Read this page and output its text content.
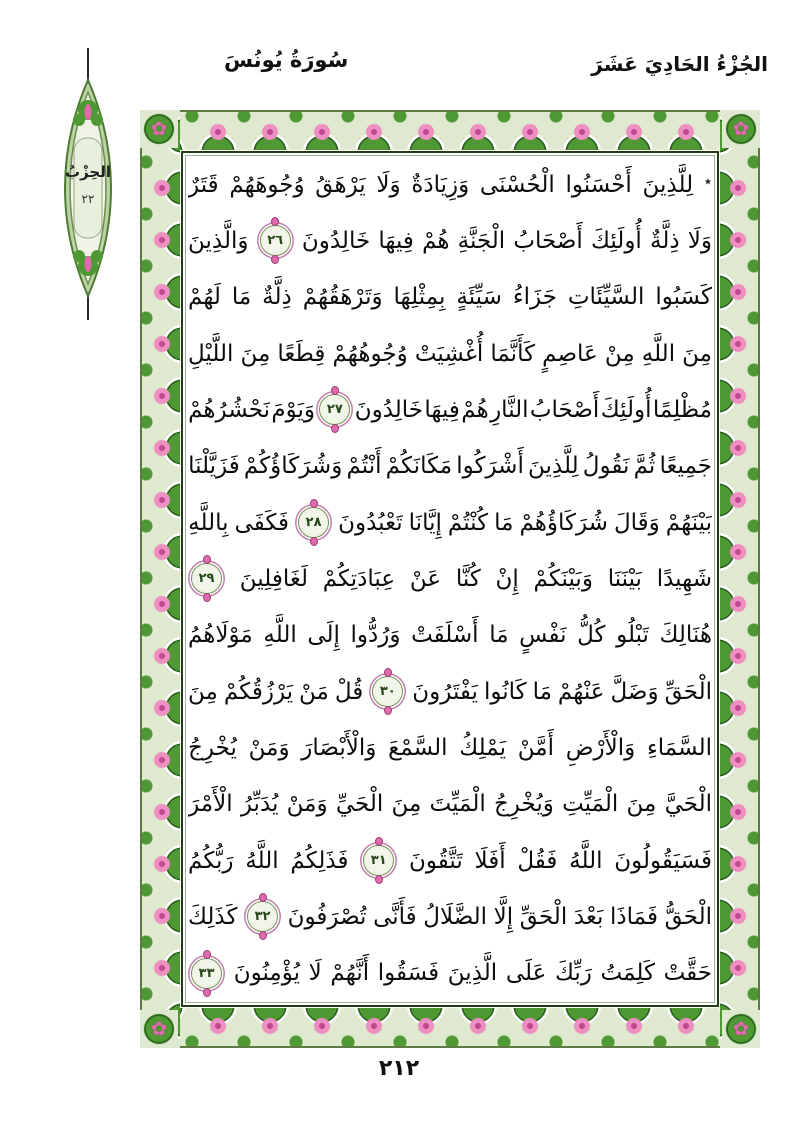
الجُزْءُ الحَادِيَ عَشَرَ
سُورَةُ يُونُسَ
الحِزْبُ
٢٢
✿	✿
✿	✿
٭
لِلَّذِينَ
أَحْسَنُوا
الْحُسْنَى
وَزِيَادَةٌ
وَلَا
يَرْهَقُ
وُجُوهَهُمْ
قَتَرٌ
وَلَا
ذِلَّةٌ
أُولَئِكَ
أَصْحَابُ
الْجَنَّةِ
هُمْ
فِيهَا
خَالِدُونَ
٢٦
وَالَّذِينَ
كَسَبُوا
السَّيِّئَاتِ
جَزَاءُ
سَيِّئَةٍ
بِمِثْلِهَا
وَتَرْهَقُهُمْ
ذِلَّةٌ
مَا
لَهُمْ
مِنَ
اللَّهِ
مِنْ
عَاصِمٍ
كَأَنَّمَا
أُغْشِيَتْ
وُجُوهُهُمْ
قِطَعًا
مِنَ
اللَّيْلِ
مُظْلِمًا
أُولَئِكَ
أَصْحَابُ
النَّارِ
هُمْ
فِيهَا
خَالِدُونَ
٢٧
وَيَوْمَ
نَحْشُرُهُمْ
جَمِيعًا
ثُمَّ
نَقُولُ
لِلَّذِينَ
أَشْرَكُوا
مَكَانَكُمْ
أَنْتُمْ
وَشُرَكَاؤُكُمْ
فَزَيَّلْنَا
بَيْنَهُمْ
وَقَالَ
شُرَكَاؤُهُمْ
مَا
كُنْتُمْ
إِيَّانَا
تَعْبُدُونَ
٢٨
فَكَفَى
بِاللَّهِ
شَهِيدًا
بَيْنَنَا
وَبَيْنَكُمْ
إِنْ
كُنَّا
عَنْ
عِبَادَتِكُمْ
لَغَافِلِينَ
٢٩
هُنَالِكَ
تَبْلُو
كُلُّ
نَفْسٍ
مَا
أَسْلَفَتْ
وَرُدُّوا
إِلَى
اللَّهِ
مَوْلَاهُمُ
الْحَقِّ
وَضَلَّ
عَنْهُمْ
مَا
كَانُوا
يَفْتَرُونَ
٣٠
قُلْ
مَنْ
يَرْزُقُكُمْ
مِنَ
السَّمَاءِ
وَالْأَرْضِ
أَمَّنْ
يَمْلِكُ
السَّمْعَ
وَالْأَبْصَارَ
وَمَنْ
يُخْرِجُ
الْحَيَّ
مِنَ
الْمَيِّتِ
وَيُخْرِجُ
الْمَيِّتَ
مِنَ
الْحَيِّ
وَمَنْ
يُدَبِّرُ
الْأَمْرَ
فَسَيَقُولُونَ
اللَّهُ
فَقُلْ
أَفَلَا
تَتَّقُونَ
٣١
فَذَلِكُمُ
اللَّهُ
رَبُّكُمُ
الْحَقُّ
فَمَاذَا
بَعْدَ
الْحَقِّ
إِلَّا
الضَّلَالُ
فَأَنَّى
تُصْرَفُونَ
٣٢
كَذَلِكَ
حَقَّتْ
كَلِمَتُ
رَبِّكَ
عَلَى
الَّذِينَ
فَسَقُوا
أَنَّهُمْ
لَا
يُؤْمِنُونَ
٣٣
٢١٢
